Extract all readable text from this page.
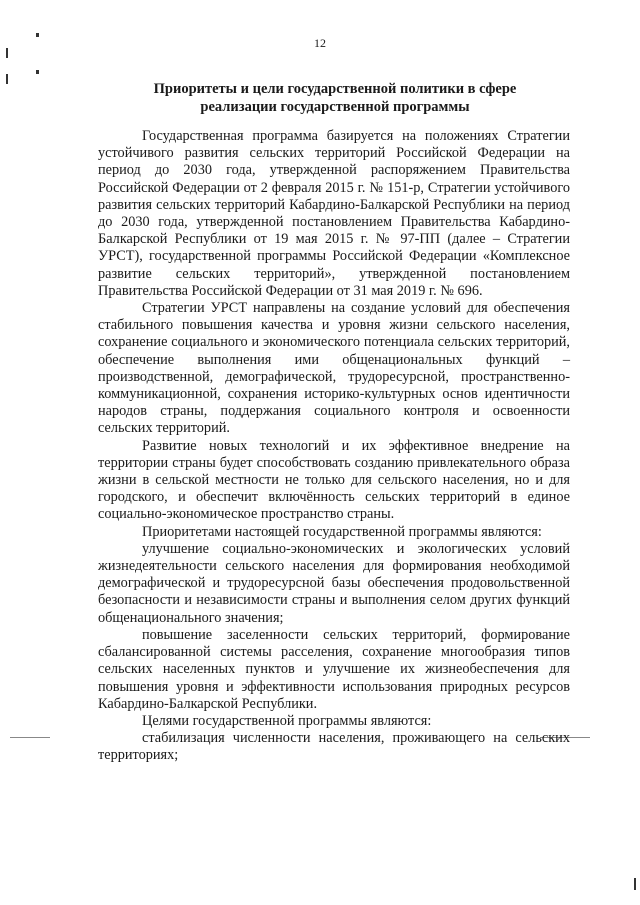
12
Приоритеты и цели государственной политики в сфере
реализации государственной программы

Государственная программа базируется на положениях Стратегии устойчивого развития сельских территорий Российской Федерации на период до 2030 года, утвержденной распоряжением Правительства Российской Федерации от 2 февраля 2015 г. № 151-р, Стратегии устойчивого развития сельских территорий Кабардино-Балкарской Республики на период до 2030 года, утвержденной постановлением Правительства Кабардино-Балкарской Республики от 19 мая 2015 г. № 97-ПП (далее – Стратегии УРСТ), государственной программы Российской Федерации «Комплексное развитие сельских территорий», утвержденной постановлением Правительства Российской Федерации от 31 мая 2019 г. № 696.

Стратегии УРСТ направлены на создание условий для обеспечения стабильного повышения качества и уровня жизни сельского населения, сохранение социального и экономического потенциала сельских территорий, обеспечение выполнения ими общенациональных функций – производственной, демографической, трудоресурсной, пространственно-коммуникационной, сохранения историко-культурных основ идентичности народов страны, поддержания социального контроля и освоенности сельских территорий.

Развитие новых технологий и их эффективное внедрение на территории страны будет способствовать созданию привлекательного образа жизни в сельской местности не только для сельского населения, но и для городского, и обеспечит включённость сельских территорий в единое социально-экономическое пространство страны.

Приоритетами настоящей государственной программы являются:

улучшение социально-экономических и экологических условий жизнедеятельности сельского населения для формирования необходимой демографической и трудоресурсной базы обеспечения продовольственной безопасности и независимости страны и выполнения селом других функций общенационального значения;

повышение заселенности сельских территорий, формирование сбалансированной системы расселения, сохранение многообразия типов сельских населенных пунктов и улучшение их жизнеобеспечения для повышения уровня и эффективности использования природных ресурсов Кабардино-Балкарской Республики.

Целями государственной программы являются:

стабилизация численности населения, проживающего на сельских территориях;
